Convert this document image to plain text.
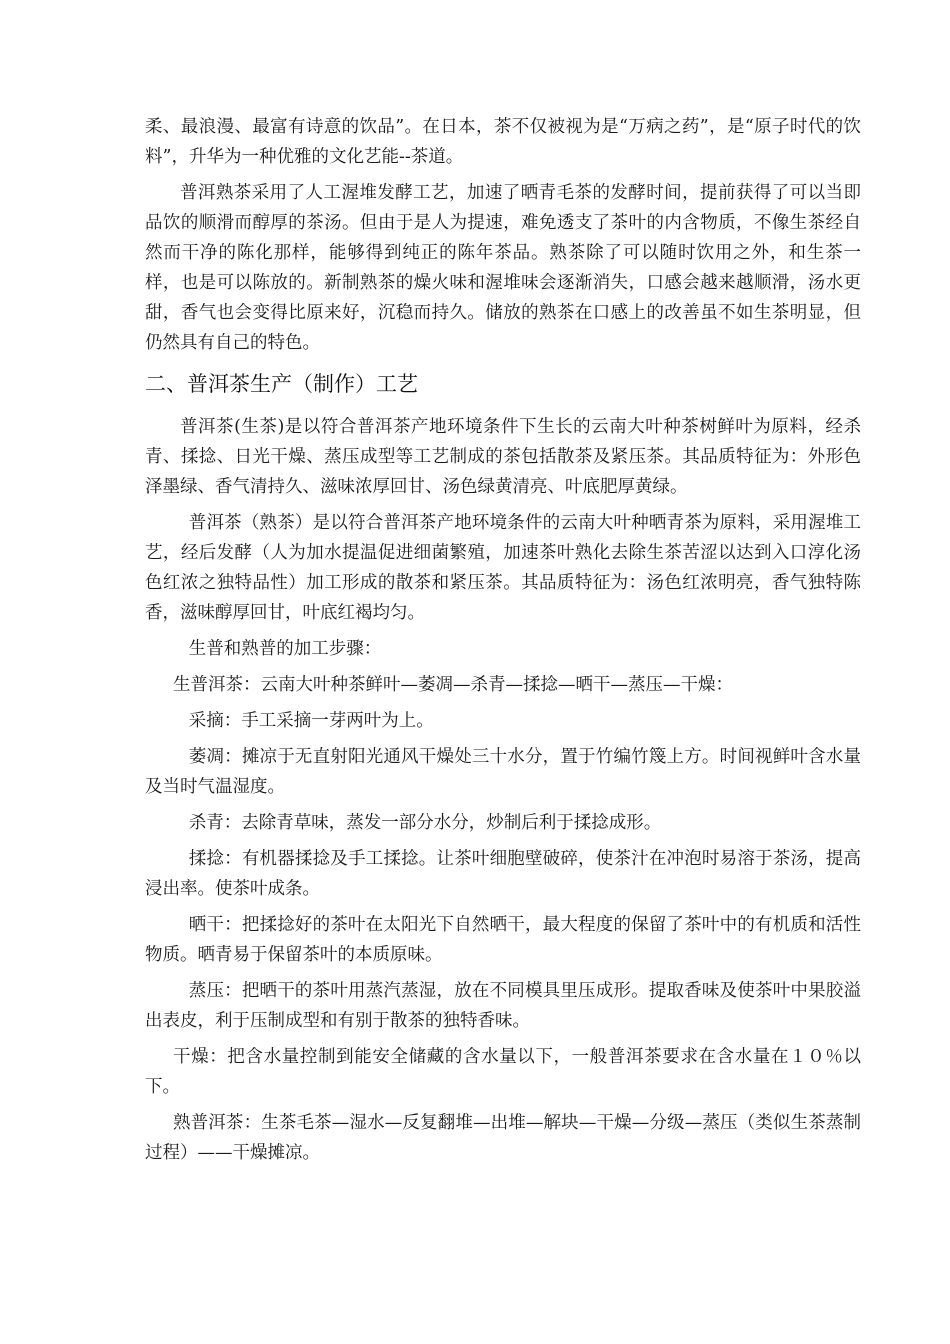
柔、最浪漫、最富有诗意的饮品”。在日本，茶不仅被视为是“万病之药”，是“原子时代的饮料”，升华为一种优雅的文化艺能--茶道。

普洱熟茶采用了人工渥堆发酵工艺，加速了晒青毛茶的发酵时间，提前获得了可以当即品饮的顺滑而醇厚的茶汤。但由于是人为提速，难免透支了茶叶的内含物质，不像生茶经自然而干净的陈化那样，能够得到纯正的陈年茶品。熟茶除了可以随时饮用之外，和生茶一样，也是可以陈放的。新制熟茶的燥火味和渥堆味会逐渐消失，口感会越来越顺滑，汤水更甜，香气也会变得比原来好，沉稳而持久。储放的熟茶在口感上的改善虽不如生茶明显，但仍然具有自己的特色。

二、普洱茶生产（制作）工艺

普洱茶(生茶)是以符合普洱茶产地环境条件下生长的云南大叶种茶树鲜叶为原料，经杀青、揉捻、日光干燥、蒸压成型等工艺制成的茶包括散茶及紧压茶。其品质特征为：外形色泽墨绿、香气清持久、滋味浓厚回甘、汤色绿黄清亮、叶底肥厚黄绿。

普洱茶（熟茶）是以符合普洱茶产地环境条件的云南大叶种晒青茶为原料，采用渥堆工艺，经后发酵（人为加水提温促进细菌繁殖，加速茶叶熟化去除生茶苦涩以达到入口淳化汤色红浓之独特品性）加工形成的散茶和紧压茶。其品质特征为：汤色红浓明亮，香气独特陈香，滋味醇厚回甘，叶底红褐均匀。

生普和熟普的加工步骤：

生普洱茶：云南大叶种茶鲜叶—萎凋—杀青—揉捻—晒干—蒸压—干燥：

采摘：手工采摘一芽两叶为上。

萎凋：摊凉于无直射阳光通风干燥处三十水分，置于竹编竹篾上方。时间视鲜叶含水量及当时气温湿度。

杀青：去除青草味，蒸发一部分水分，炒制后利于揉捻成形。

揉捻：有机器揉捻及手工揉捻。让茶叶细胞壁破碎，使茶汁在冲泡时易溶于茶汤，提高浸出率。使茶叶成条。

晒干：把揉捻好的茶叶在太阳光下自然晒干，最大程度的保留了茶叶中的有机质和活性物质。晒青易于保留茶叶的本质原味。

蒸压：把晒干的茶叶用蒸汽蒸湿，放在不同模具里压成形。提取香味及使茶叶中果胶溢出表皮，利于压制成型和有别于散茶的独特香味。

干燥：把含水量控制到能安全储藏的含水量以下，一般普洱茶要求在含水量在１０％以下。

熟普洱茶：生茶毛茶—湿水—反复翻堆—出堆—解块—干燥—分级—蒸压（类似生茶蒸制过程）——干燥摊凉。
